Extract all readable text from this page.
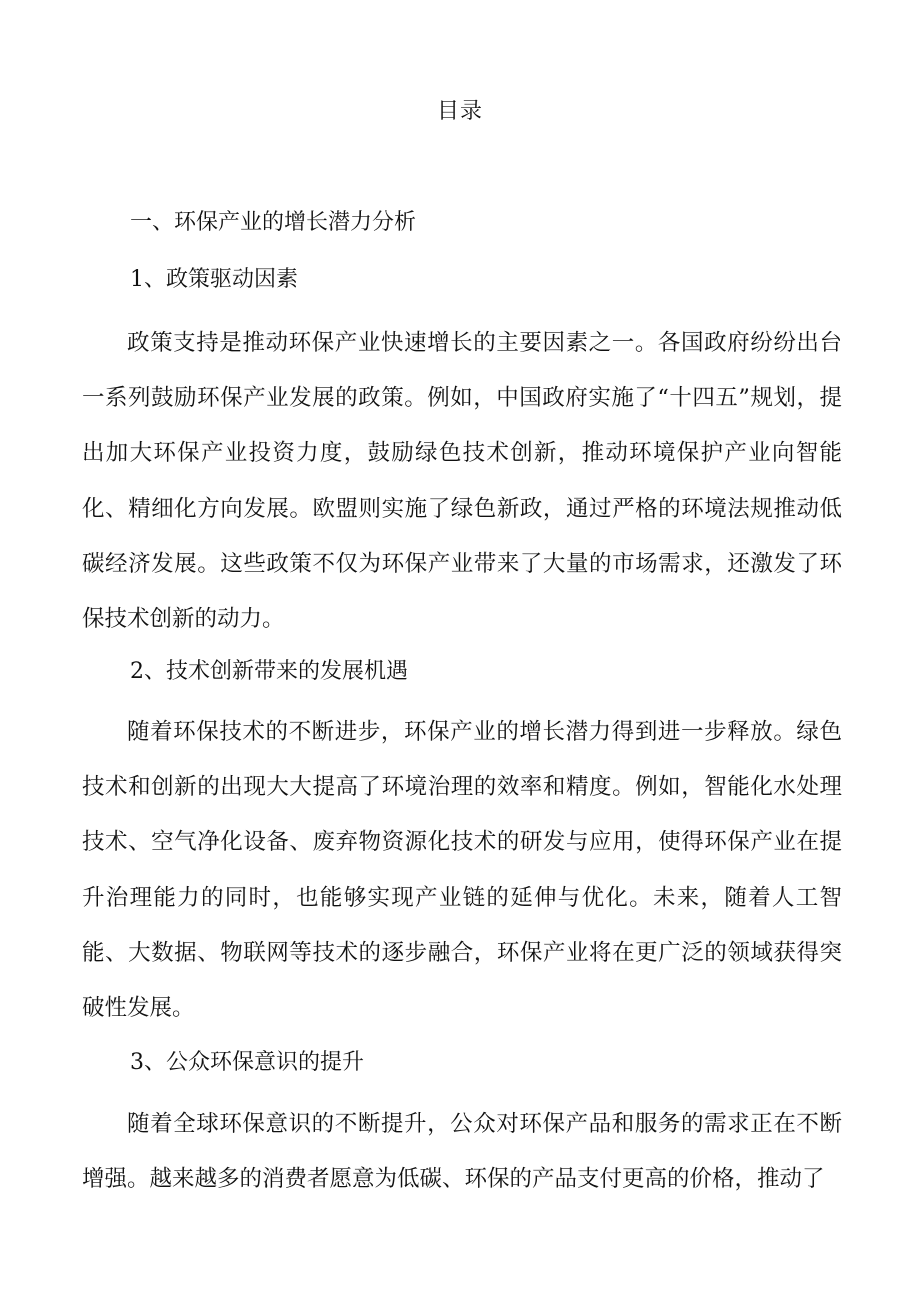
目录
一、环保产业的增长潜力分析
1、政策驱动因素

政策支持是推动环保产业快速增长的主要因素之一。各国政府纷纷出台一系列鼓励环保产业发展的政策。例如，中国政府实施了“十四五”规划，提出加大环保产业投资力度，鼓励绿色技术创新，推动环境保护产业向智能化、精细化方向发展。欧盟则实施了绿色新政，通过严格的环境法规推动低碳经济发展。这些政策不仅为环保产业带来了大量的市场需求，还激发了环保技术创新的动力。

2、技术创新带来的发展机遇

随着环保技术的不断进步，环保产业的增长潜力得到进一步释放。绿色技术和创新的出现大大提高了环境治理的效率和精度。例如，智能化水处理技术、空气净化设备、废弃物资源化技术的研发与应用，使得环保产业在提升治理能力的同时，也能够实现产业链的延伸与优化。未来，随着人工智能、大数据、物联网等技术的逐步融合，环保产业将在更广泛的领域获得突破性发展。

3、公众环保意识的提升

随着全球环保意识的不断提升，公众对环保产品和服务的需求正在不断增强。越来越多的消费者愿意为低碳、环保的产品支付更高的价格，推动了
